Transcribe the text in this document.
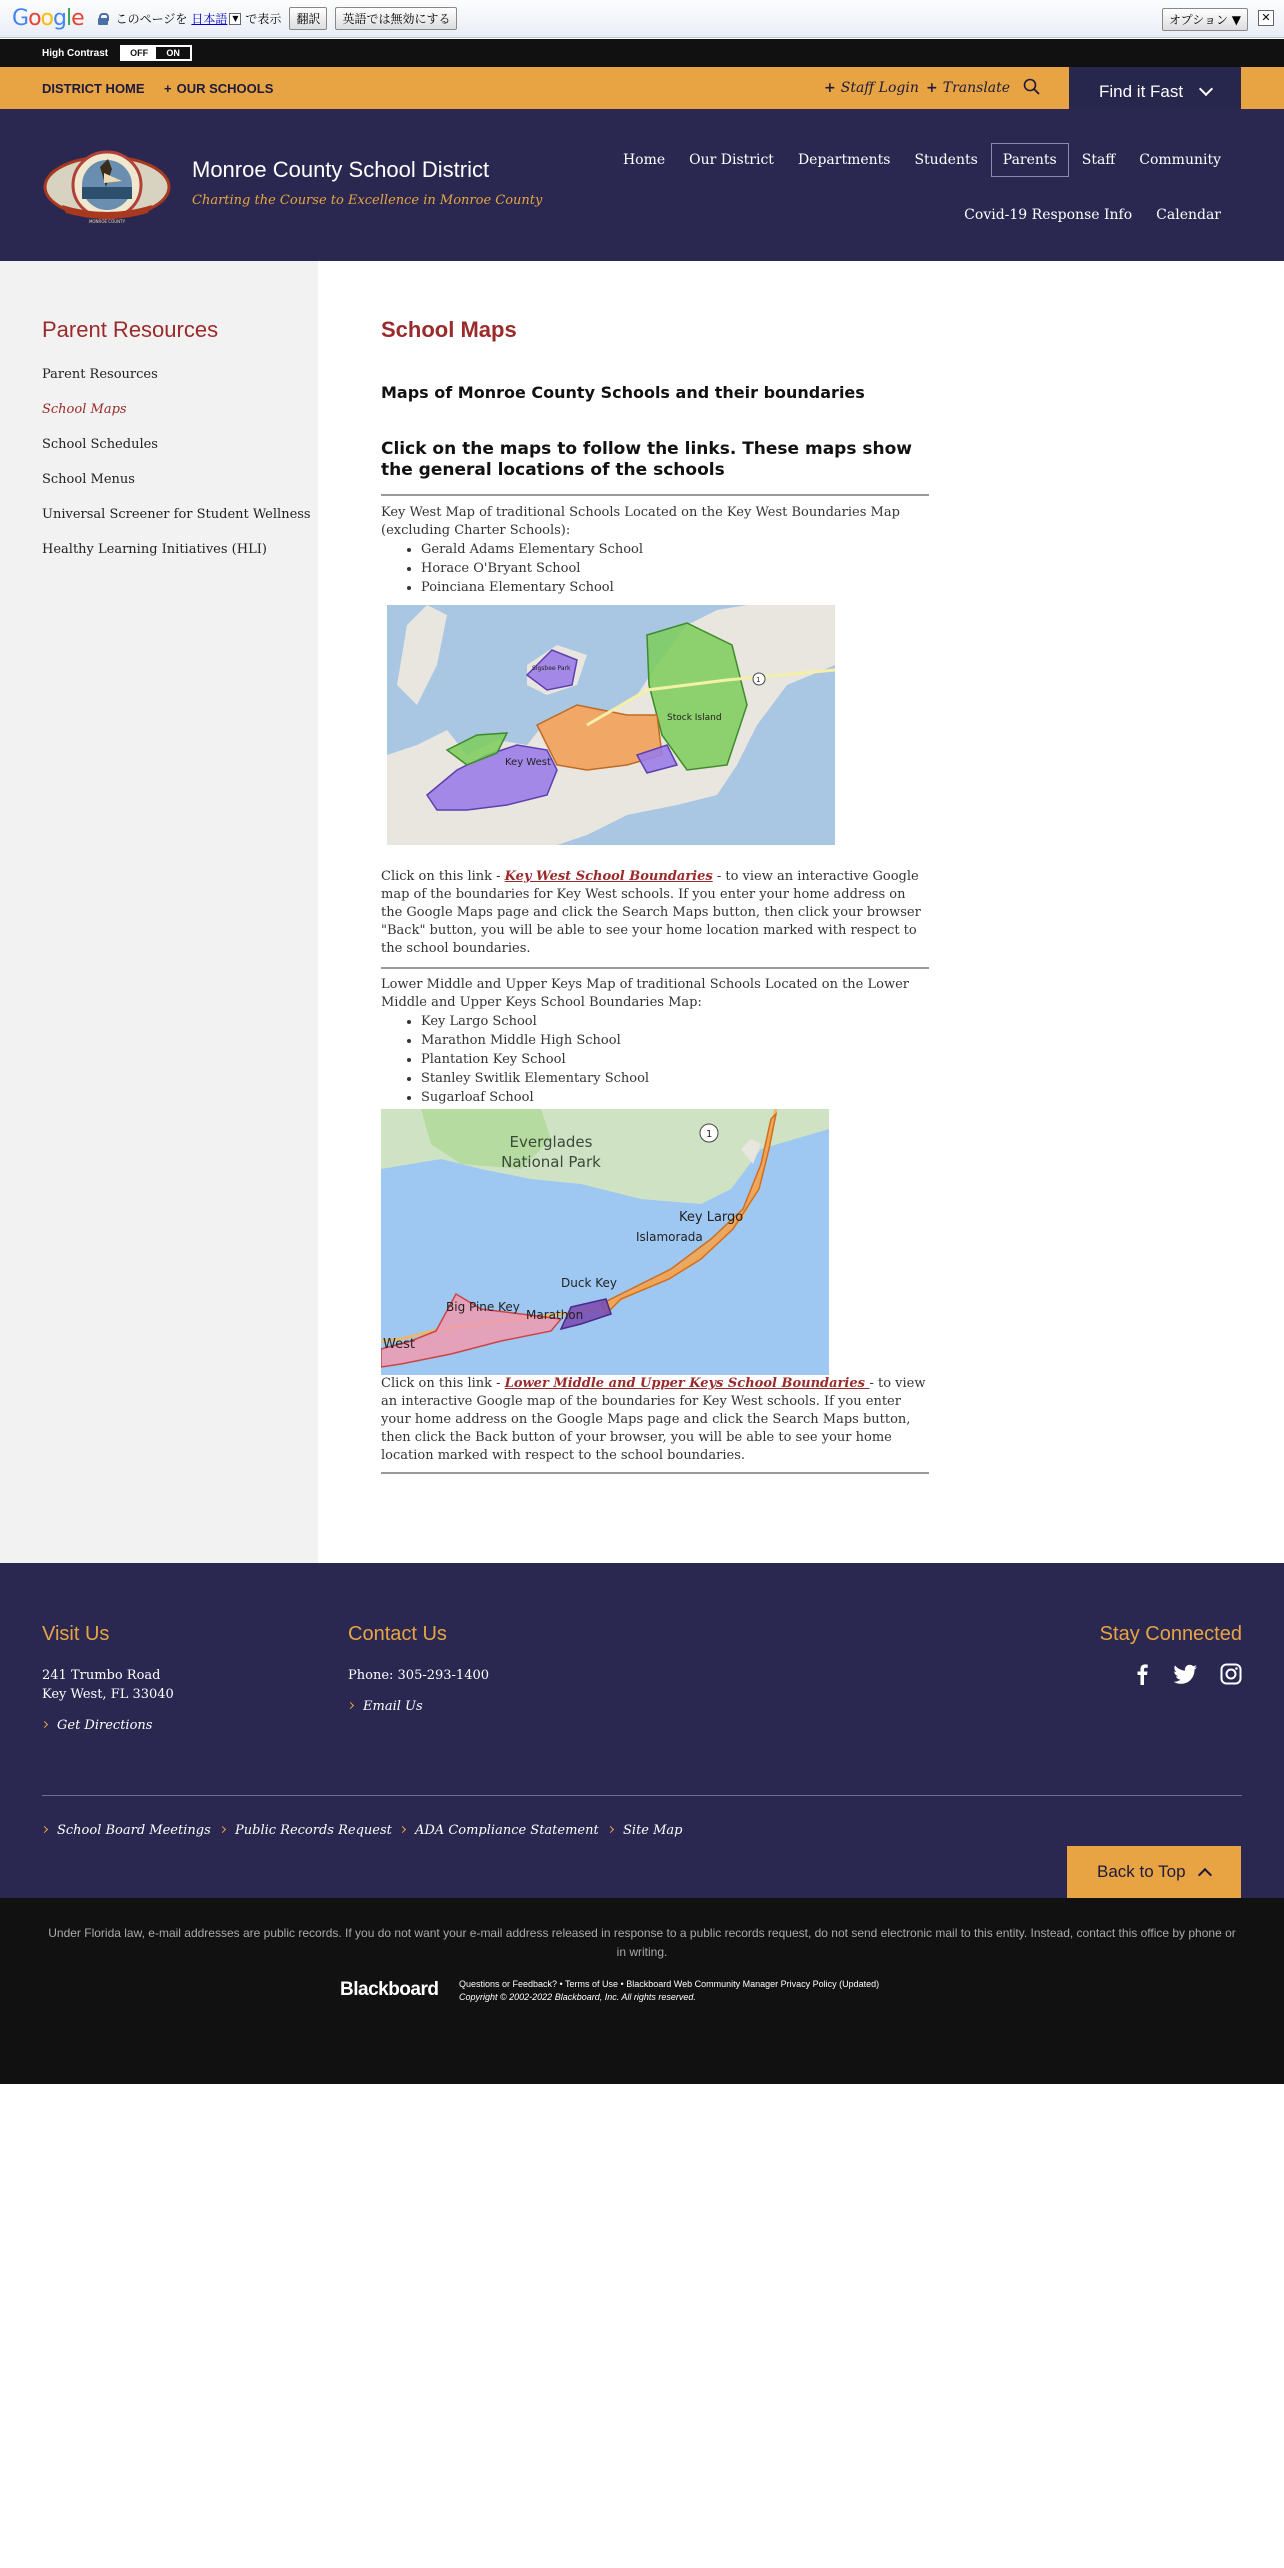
Google	このページを 日本語 ▼ で表示	翻訳	英語では無効にする	オプション ▼	✕
High Contrast	OFF	ON
DISTRICT HOME + OUR SCHOOLS	+ Staff Login + Translate	Find it Fast
MONROE COUNTY
Monroe County School District
Charting the Course to Excellence in Monroe County
Home	Our District	Departments	Students	Parents	Staff	Community
Covid-19 Response Info	Calendar
Parent Resources
Parent Resources
School Maps
School Schedules
School Menus
Universal Screener for Student Wellness
Healthy Learning Initiatives (HLI)
School Maps
Maps of Monroe County Schools and their boundaries
Click on the maps to follow the links. These maps show the general locations of the schools
Key West Map of traditional Schools Located on the Key West Boundaries Map (excluding Charter Schools):
• Gerald Adams Elementary School
• Horace O'Bryant School
• Poinciana Elementary School
Stock Island
Key West
Sigsbee Park
1
Click on this link - Key West School Boundaries - to view an interactive Google map of the boundaries for Key West schools. If you enter your home address on the Google Maps page and click the Search Maps button, then click your browser "Back" button, you will be able to see your home location marked with respect to the school boundaries.
Lower Middle and Upper Keys Map of traditional Schools Located on the Lower Middle and Upper Keys School Boundaries Map:
• Key Largo School
• Marathon Middle High School
• Plantation Key School
• Stanley Switlik Elementary School
• Sugarloaf School
1
Everglades National Park
Key Largo
Islamorada
Duck Key
Big Pine Key
Marathon
West
Click on this link - Lower Middle and Upper Keys School Boundaries - to view an interactive Google map of the boundaries for Key West schools. If you enter your home address on the Google Maps page and click the Search Maps button, then click the Back button of your browser, you will be able to see your home location marked with respect to the school boundaries.
Visit Us
241 Trumbo Road
Key West, FL 33040
Get Directions
Contact Us
Phone: 305-293-1400
Email Us
Stay Connected
School Board Meetings	Public Records Request	ADA Compliance Statement	Site Map
Back to Top
Under Florida law, e-mail addresses are public records. If you do not want your e-mail address released in response to a public records request, do not send electronic mail to this entity. Instead, contact this office by phone or in writing.
Blackboard Questions or Feedback? • Terms of Use • Blackboard Web Community Manager Privacy Policy (Updated)
Copyright © 2002-2022 Blackboard, Inc. All rights reserved.
